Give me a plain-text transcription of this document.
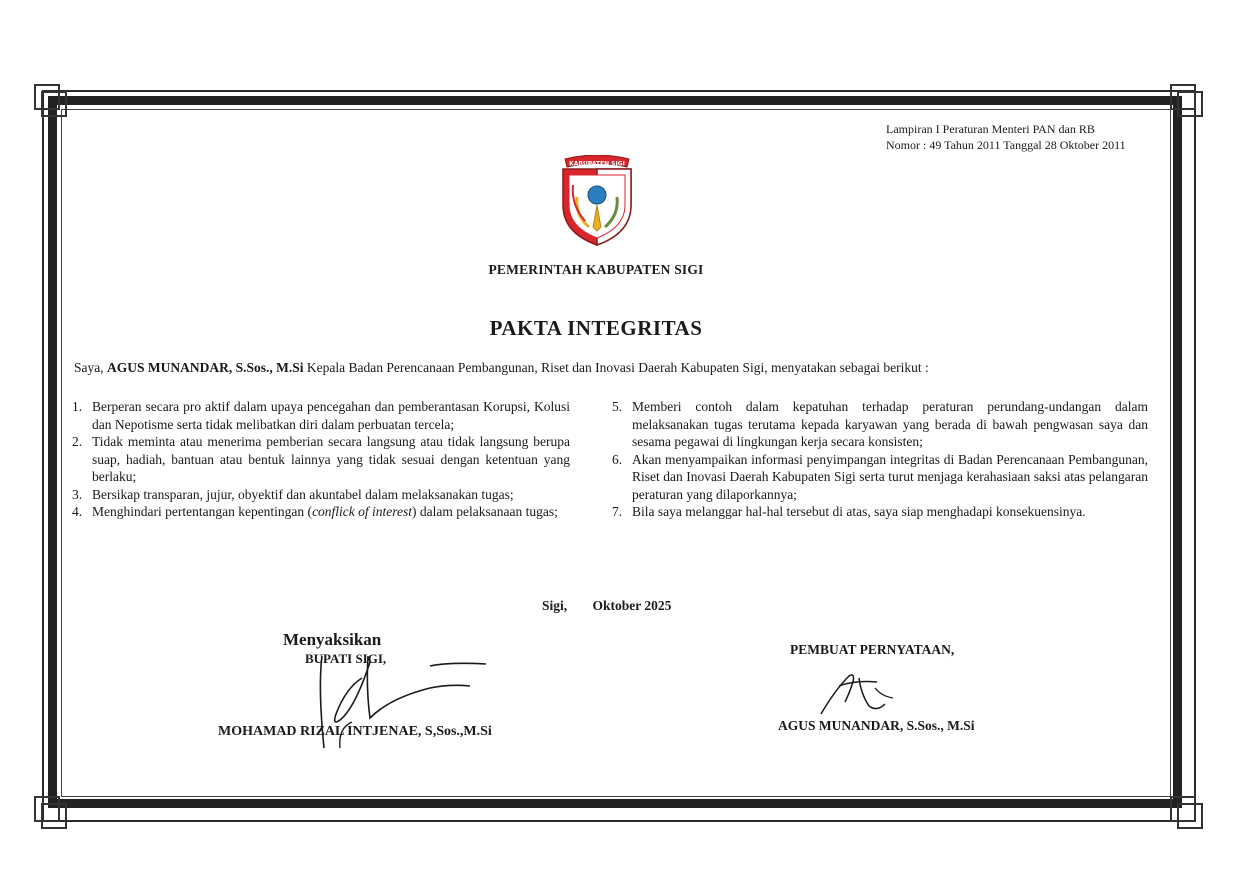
Lampiran I Peraturan Menteri PAN dan RB
Nomor : 49 Tahun 2011 Tanggal 28 Oktober 2011
KABUPATEN SIGI
PEMERINTAH KABUPATEN SIGI
PAKTA INTEGRITAS
Saya, AGUS MUNANDAR, S.Sos., M.Si Kepala Badan Perencanaan Pembangunan, Riset dan Inovasi Daerah Kabupaten Sigi, menyatakan sebagai berikut :
1. Berperan secara pro aktif dalam upaya pencegahan dan pemberantasan Korupsi, Kolusi dan Nepotisme serta tidak melibatkan diri dalam perbuatan tercela;
2. Tidak meminta atau menerima pemberian secara langsung atau tidak langsung berupa suap, hadiah, bantuan atau bentuk lainnya yang tidak sesuai dengan ketentuan yang berlaku;
3. Bersikap transparan, jujur, obyektif dan akuntabel dalam melaksanakan tugas;
4. Menghindari pertentangan kepentingan (conflick of interest) dalam pelaksanaan tugas;
5. Memberi contoh dalam kepatuhan terhadap peraturan perundang-undangan dalam melaksanakan tugas terutama kepada karyawan yang berada di bawah pengwasan saya dan sesama pegawai di lingkungan kerja secara konsisten;
6. Akan menyampaikan informasi penyimpangan integritas di Badan Perencanaan Pembangunan, Riset dan Inovasi Daerah Kabupaten Sigi serta turut menjaga kerahasiaan saksi atas pelangaran peraturan yang dilaporkannya;
7. Bila saya melanggar hal-hal tersebut di atas, saya siap menghadapi konsekuensinya.
Sigi, Oktober 2025
Menyaksikan
BUPATI SIGI,
MOHAMAD RIZAL INTJENAE, S,Sos.,M.Si
PEMBUAT PERNYATAAN,
AGUS MUNANDAR, S.Sos., M.Si
